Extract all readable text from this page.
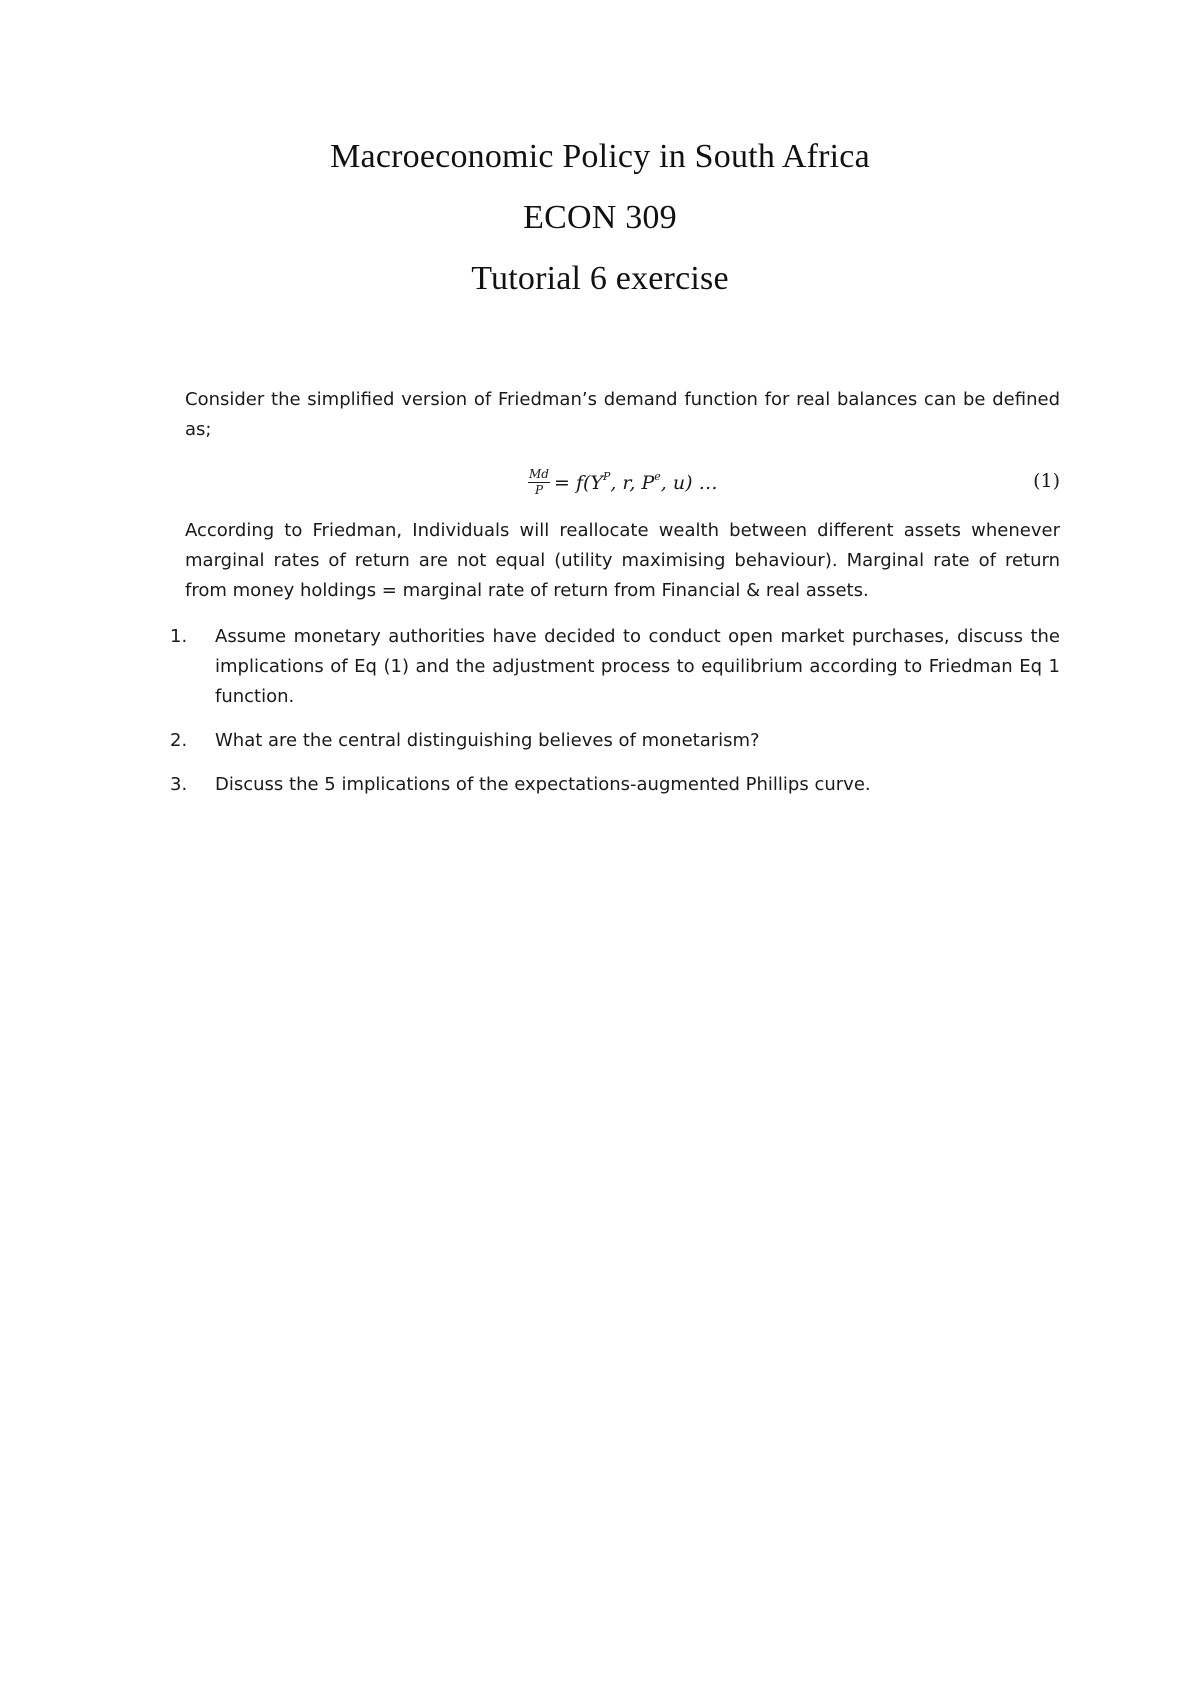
Macroeconomic Policy in South Africa
ECON 309
Tutorial 6 exercise
Consider the simplified version of Friedman’s demand function for real balances can be defined as;
$\frac{Md}{P} = f(Y^P$, r, $P^e$, u) …	(1)
According to Friedman, Individuals will reallocate wealth between different assets whenever marginal rates of return are not equal (utility maximising behaviour). Marginal rate of return from money holdings = marginal rate of return from Financial & real assets.
1. Assume monetary authorities have decided to conduct open market purchases, discuss the implications of Eq (1) and the adjustment process to equilibrium according to Friedman Eq 1 function.
2. What are the central distinguishing believes of monetarism?
3. Discuss the 5 implications of the expectations-augmented Phillips curve.
